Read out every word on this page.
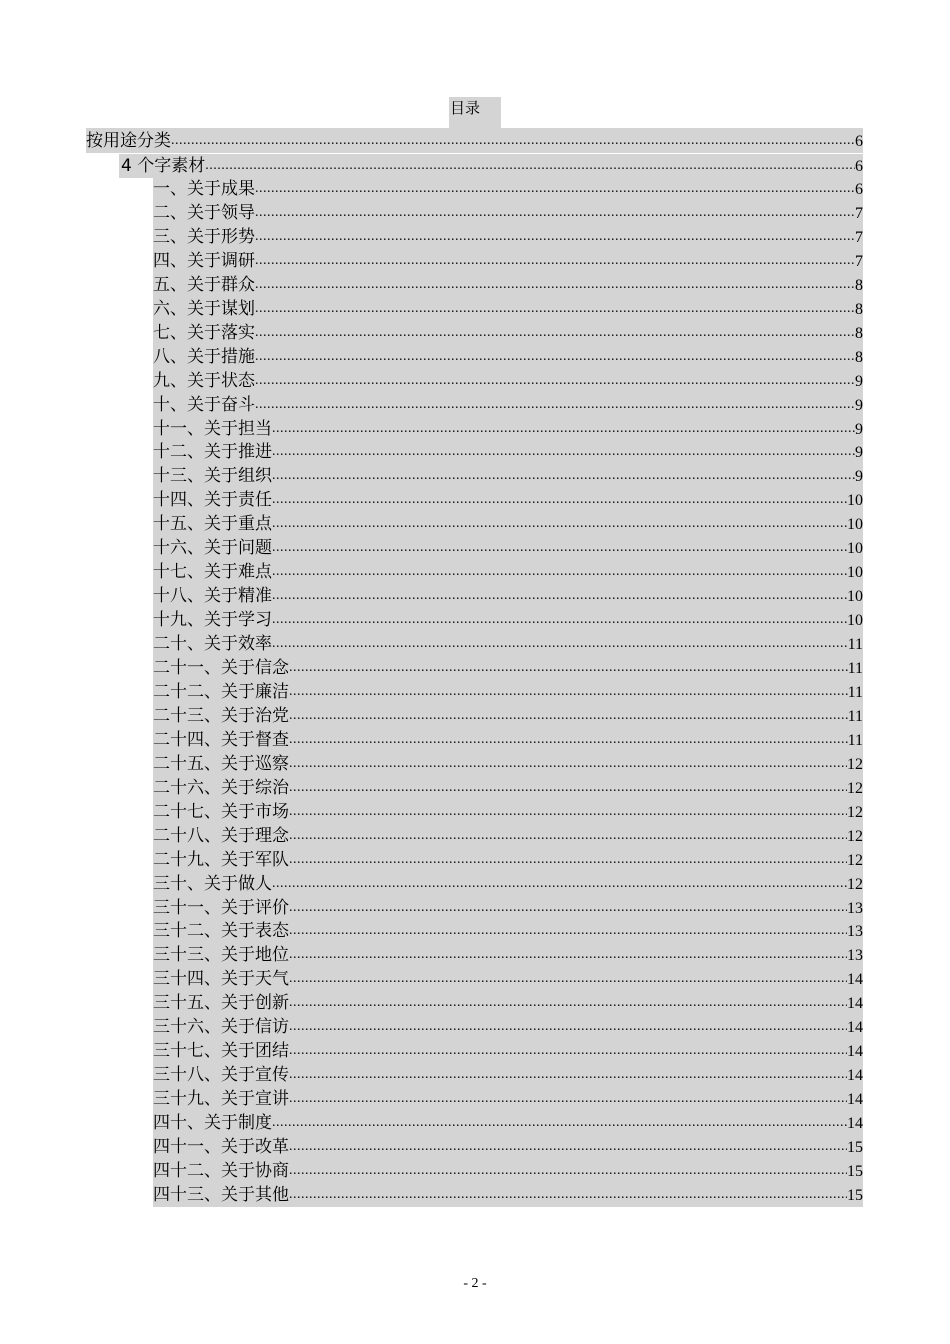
目录
按用途分类 .....	6
4 个字素材 .....	6
一、关于成果 .....	6
二、关于领导 .....	7
三、关于形势 .....	7
四、关于调研 .....	7
五、关于群众 .....	8
六、关于谋划 .....	8
七、关于落实 .....	8
八、关于措施 .....	8
九、关于状态 .....	9
十、关于奋斗 .....	9
十一、关于担当 .....	9
十二、关于推进 .....	9
十三、关于组织 .....	9
十四、关于责任 .....	10
十五、关于重点 .....	10
十六、关于问题 .....	10
十七、关于难点 .....	10
十八、关于精准 .....	10
十九、关于学习 .....	10
二十、关于效率 .....	11
二十一、关于信念 .....	11
二十二、关于廉洁 .....	11
二十三、关于治党 .....	11
二十四、关于督查 .....	11
二十五、关于巡察 .....	12
二十六、关于综治 .....	12
二十七、关于市场 .....	12
二十八、关于理念 .....	12
二十九、关于军队 .....	12
三十、关于做人 .....	12
三十一、关于评价 .....	13
三十二、关于表态 .....	13
三十三、关于地位 .....	13
三十四、关于天气 .....	14
三十五、关于创新 .....	14
三十六、关于信访 .....	14
三十七、关于团结 .....	14
三十八、关于宣传 .....	14
三十九、关于宣讲 .....	14
四十、关于制度 .....	14
四十一、关于改革 .....	15
四十二、关于协商 .....	15
四十三、关于其他 .....	15
- 2 -
